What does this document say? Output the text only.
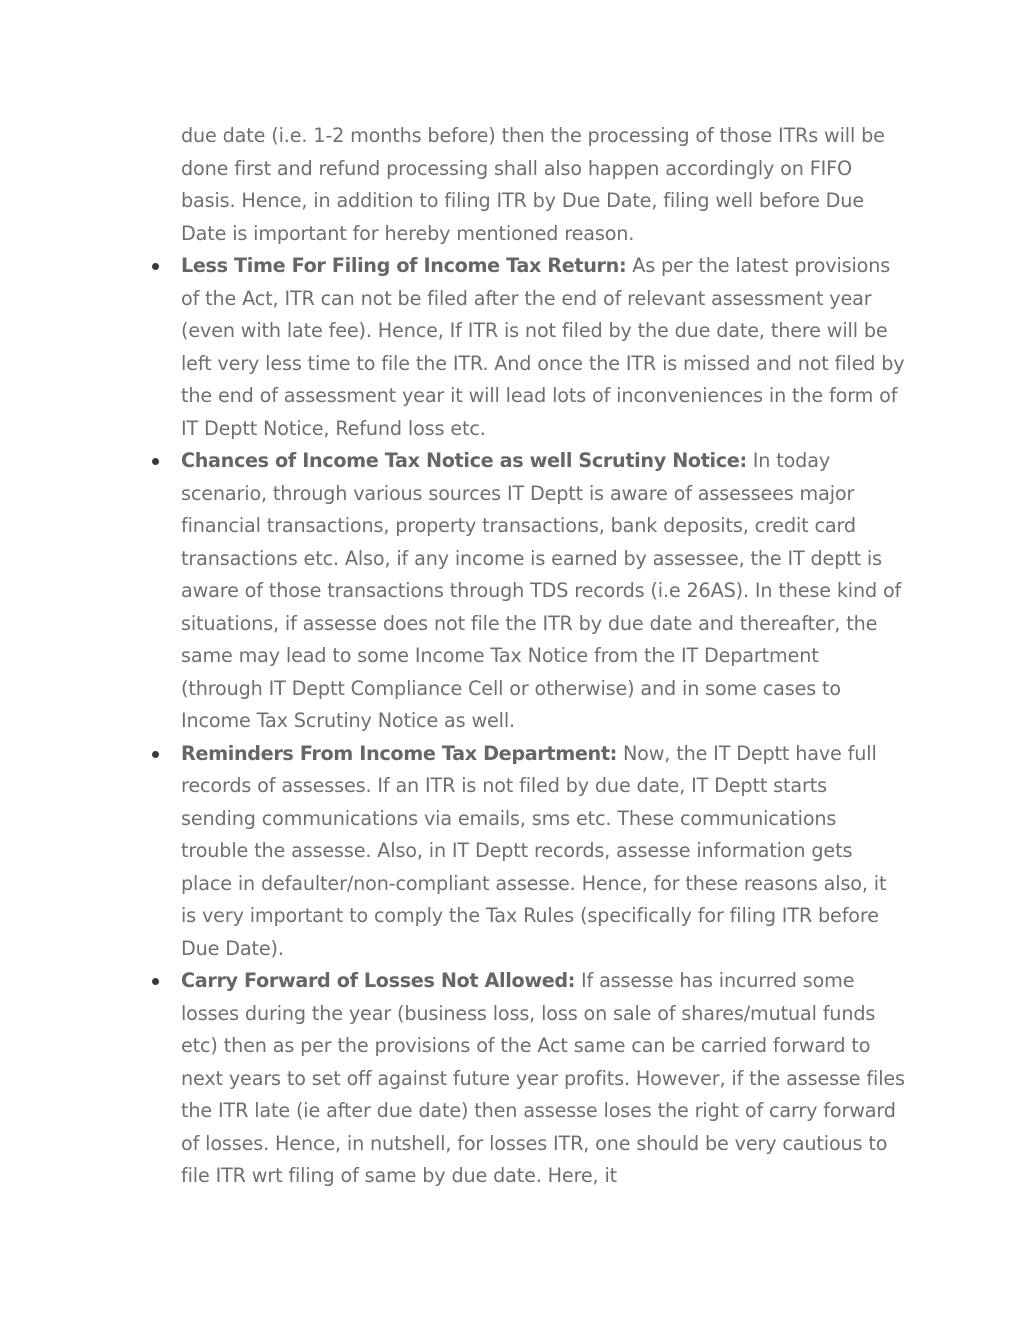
due date (i.e. 1-2 months before) then the processing of those ITRs will be done first and refund processing shall also happen accordingly on FIFO basis. Hence, in addition to filing ITR by Due Date, filing well before Due Date is important for hereby mentioned reason.

Less Time For Filing of Income Tax Return: As per the latest provisions of the Act, ITR can not be filed after the end of relevant assessment year (even with late fee). Hence, If ITR is not filed by the due date, there will be left very less time to file the ITR. And once the ITR is missed and not filed by the end of assessment year it will lead lots of inconveniences in the form of IT Deptt Notice, Refund loss etc.
Chances of Income Tax Notice as well Scrutiny Notice: In today scenario, through various sources IT Deptt is aware of assessees major financial transactions, property transactions, bank deposits, credit card transactions etc. Also, if any income is earned by assessee, the IT deptt is aware of those transactions through TDS records (i.e 26AS). In these kind of situations, if assesse does not file the ITR by due date and thereafter, the same may lead to some Income Tax Notice from the IT Department (through IT Deptt Compliance Cell or otherwise) and in some cases to Income Tax Scrutiny Notice as well.
Reminders From Income Tax Department: Now, the IT Deptt have full records of assesses. If an ITR is not filed by due date, IT Deptt starts sending communications via emails, sms etc. These communications trouble the assesse. Also, in IT Deptt records, assesse information gets place in defaulter/non-compliant assesse. Hence, for these reasons also, it is very important to comply the Tax Rules (specifically for filing ITR before Due Date).
Carry Forward of Losses Not Allowed: If assesse has incurred some losses during the year (business loss, loss on sale of shares/mutual funds etc) then as per the provisions of the Act same can be carried forward to next years to set off against future year profits. However, if the assesse files the ITR late (ie after due date) then assesse loses the right of carry forward of losses. Hence, in nutshell, for losses ITR, one should be very cautious to file ITR wrt filing of same by due date. Here, it
